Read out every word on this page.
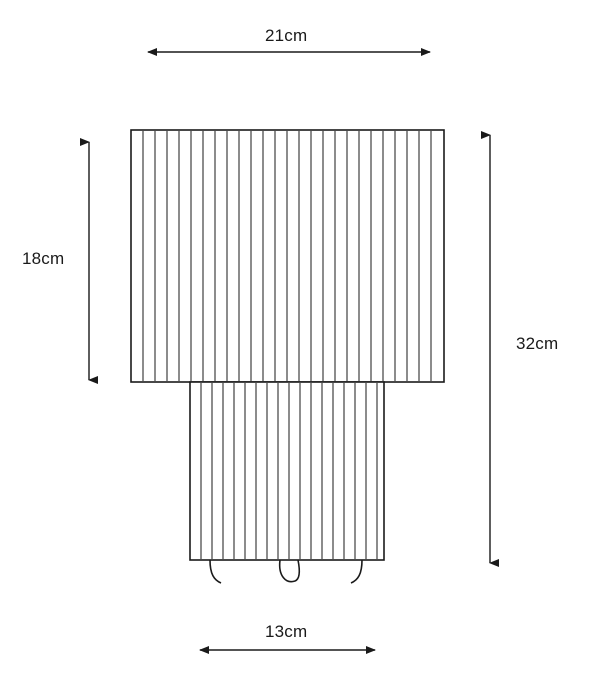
21cm
18cm
32cm
13cm
